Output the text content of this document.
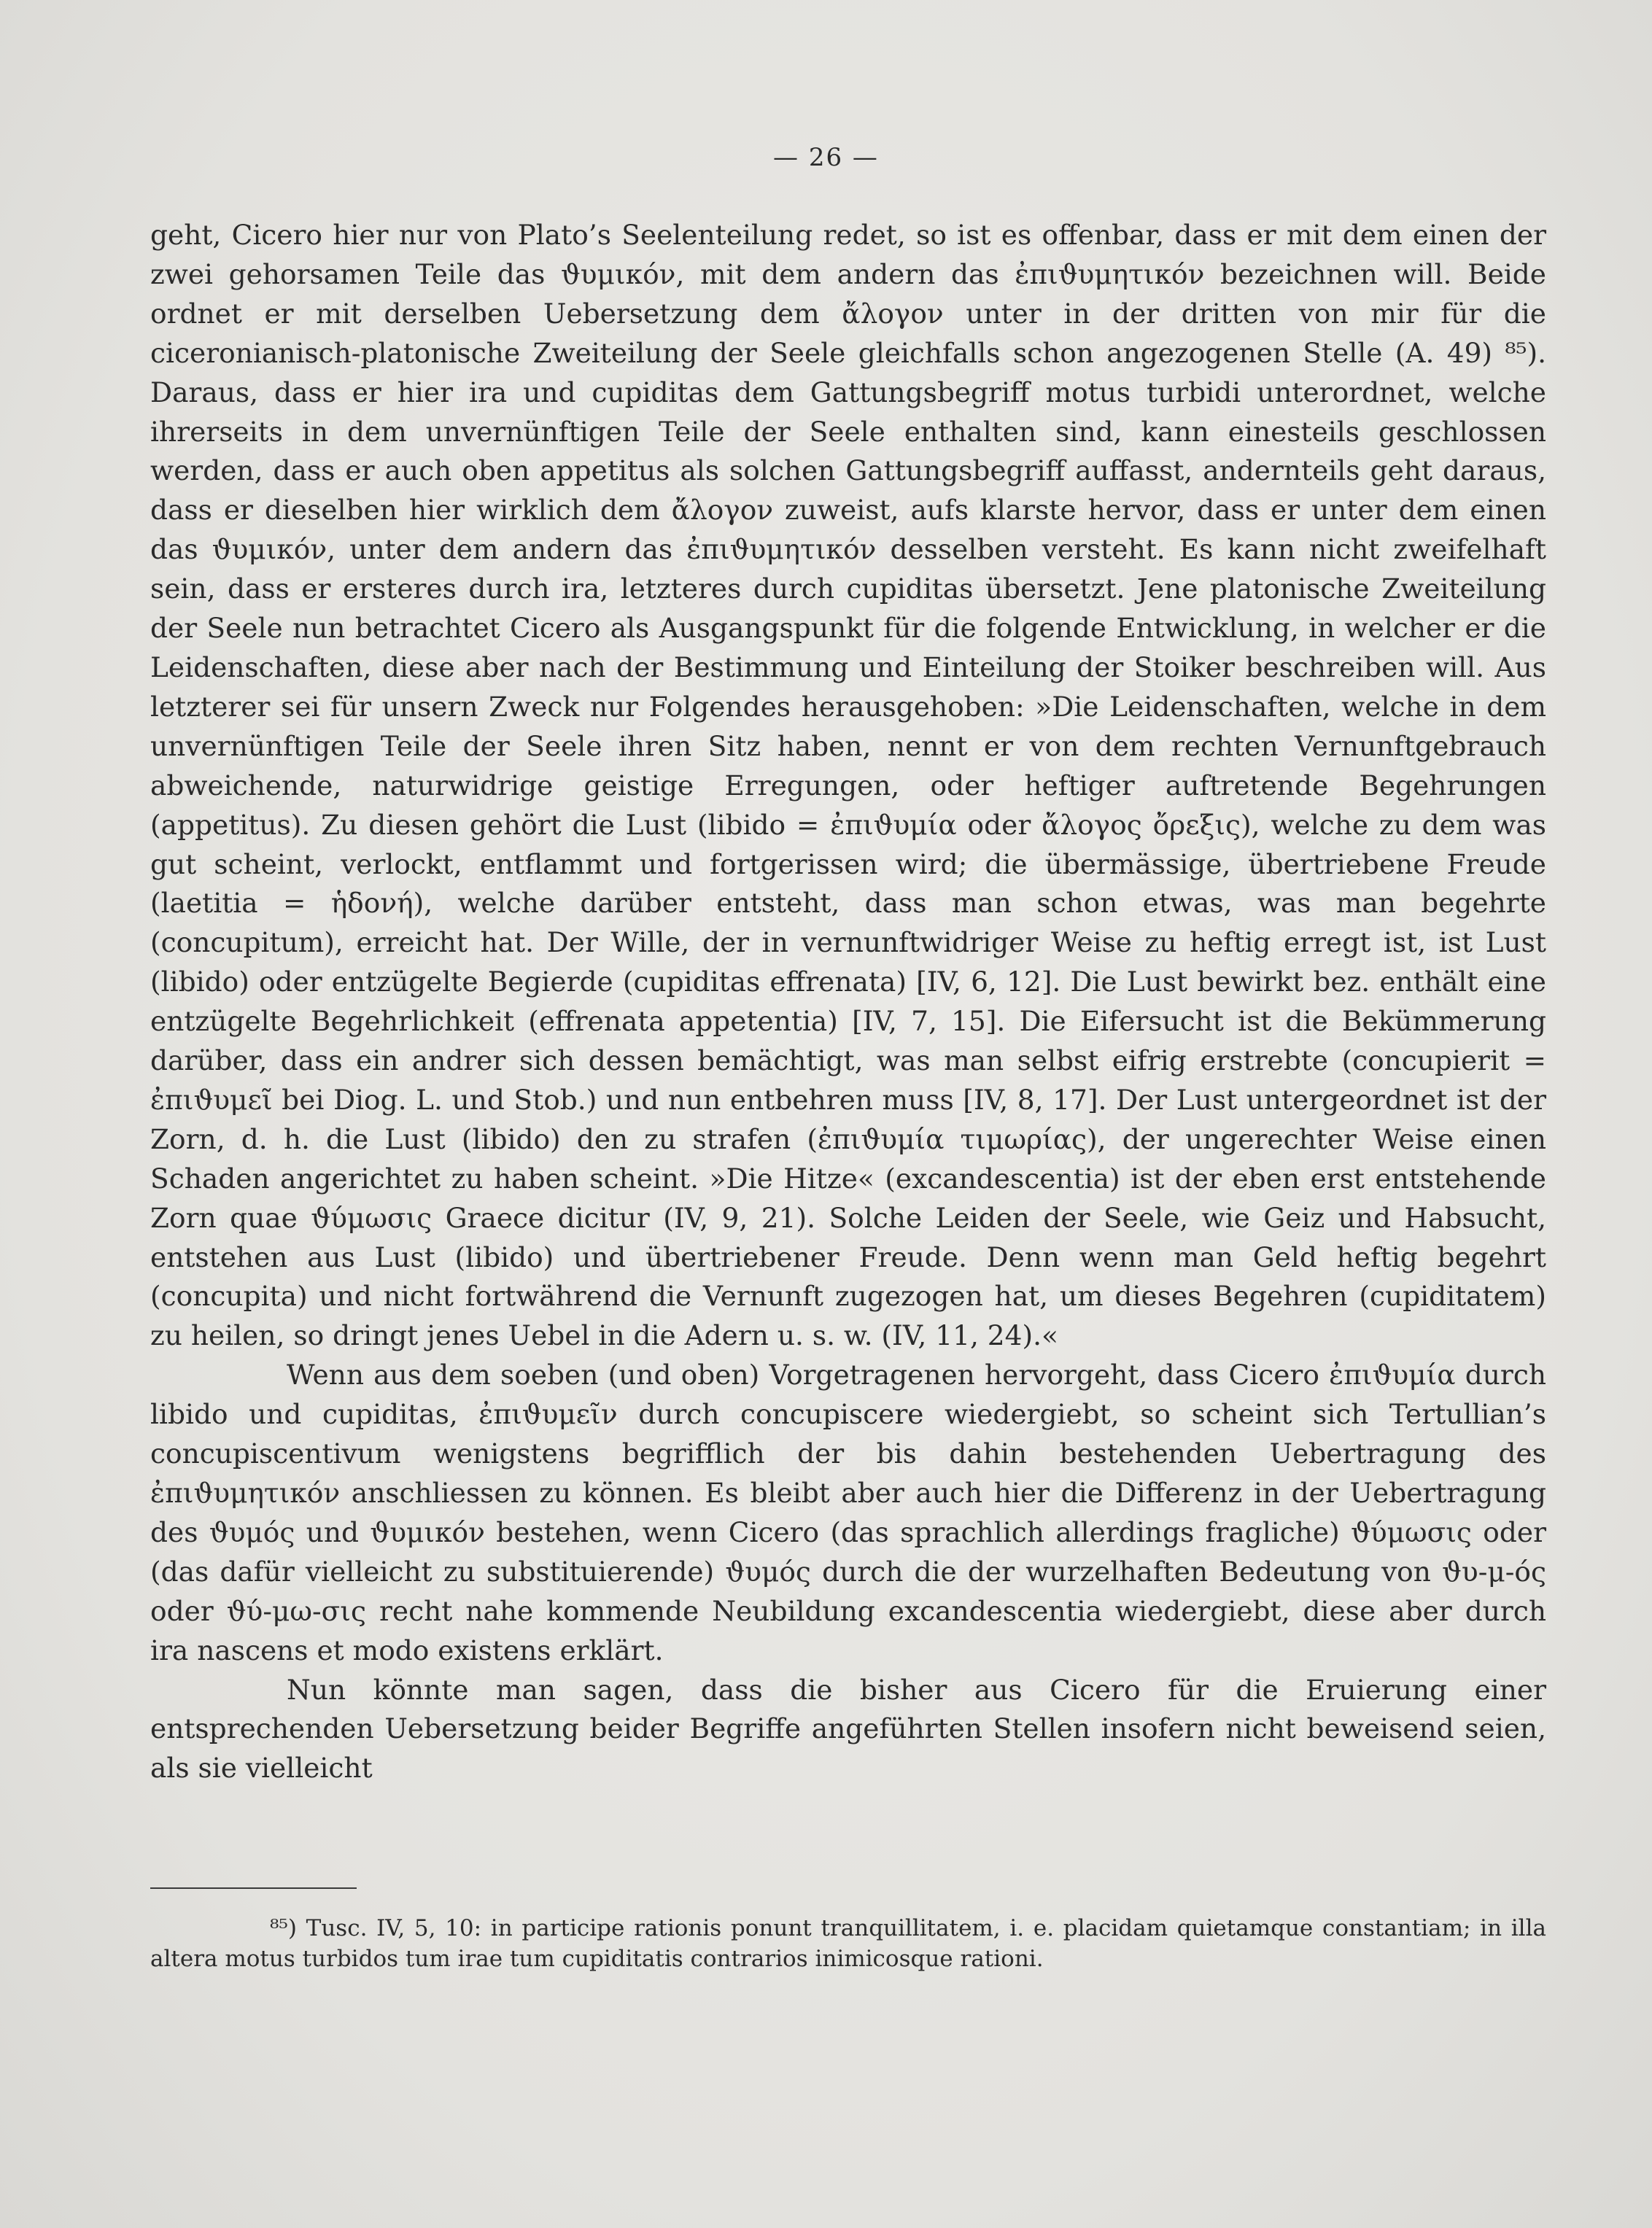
— 26 —

geht, Cicero hier nur von Plato’s Seelenteilung redet, so ist es offenbar, dass er mit dem einen der zwei gehorsamen Teile das ϑυμικόν, mit dem andern das ἐπιϑυμητικόν bezeichnen will. Beide ordnet er mit derselben Uebersetzung dem ἄλογον unter in der dritten von mir für die ciceronianisch-platonische Zweiteilung der Seele gleichfalls schon angezogenen Stelle (A. 49) ⁸⁵). Daraus, dass er hier ira und cupiditas dem Gattungsbegriff motus turbidi unterordnet, welche ihrerseits in dem unvernünftigen Teile der Seele enthalten sind, kann einesteils geschlossen werden, dass er auch oben appetitus als solchen Gattungsbegriff auffasst, andernteils geht daraus, dass er dieselben hier wirklich dem ἄλογον zuweist, aufs klarste hervor, dass er unter dem einen das ϑυμικόν, unter dem andern das ἐπιϑυμητικόν desselben versteht. Es kann nicht zweifelhaft sein, dass er ersteres durch ira, letzteres durch cupiditas übersetzt. Jene platonische Zweiteilung der Seele nun betrachtet Cicero als Ausgangspunkt für die folgende Entwicklung, in welcher er die Leidenschaften, diese aber nach der Bestimmung und Einteilung der Stoiker beschreiben will. Aus letzterer sei für unsern Zweck nur Folgendes herausgehoben: »Die Leidenschaften, welche in dem unvernünftigen Teile der Seele ihren Sitz haben, nennt er von dem rechten Vernunftgebrauch abweichende, naturwidrige geistige Erregungen, oder heftiger auftretende Begehrungen (appetitus). Zu diesen gehört die Lust (libido = ἐπιϑυμία oder ἄλογος ὄρεξις), welche zu dem was gut scheint, verlockt, entflammt und fortgerissen wird; die übermässige, übertriebene Freude (laetitia = ἡδονή), welche darüber entsteht, dass man schon etwas, was man begehrte (concupitum), erreicht hat. Der Wille, der in vernunftwidriger Weise zu heftig erregt ist, ist Lust (libido) oder entzügelte Begierde (cupiditas effrenata) [IV, 6, 12]. Die Lust bewirkt bez. enthält eine entzügelte Begehrlichkeit (effrenata appetentia) [IV, 7, 15]. Die Eifersucht ist die Bekümmerung darüber, dass ein andrer sich dessen bemächtigt, was man selbst eifrig erstrebte (concupierit = ἐπιϑυμεῖ bei Diog. L. und Stob.) und nun entbehren muss [IV, 8, 17]. Der Lust untergeordnet ist der Zorn, d. h. die Lust (libido) den zu strafen (ἐπιϑυμία τιμωρίας), der ungerechter Weise einen Schaden angerichtet zu haben scheint. »Die Hitze« (excandescentia) ist der eben erst entstehende Zorn quae ϑύμωσις Graece dicitur (IV, 9, 21). Solche Leiden der Seele, wie Geiz und Habsucht, entstehen aus Lust (libido) und übertriebener Freude. Denn wenn man Geld heftig begehrt (concupita) und nicht fortwährend die Vernunft zugezogen hat, um dieses Begehren (cupiditatem) zu heilen, so dringt jenes Uebel in die Adern u. s. w. (IV, 11, 24).«

Wenn aus dem soeben (und oben) Vorgetragenen hervorgeht, dass Cicero ἐπιϑυμία durch libido und cupiditas, ἐπιϑυμεῖν durch concupiscere wiedergiebt, so scheint sich Tertullian’s concupiscentivum wenigstens begrifflich der bis dahin bestehenden Uebertragung des ἐπιϑυμητικόν anschliessen zu können. Es bleibt aber auch hier die Differenz in der Uebertragung des ϑυμός und ϑυμικόν bestehen, wenn Cicero (das sprachlich allerdings fragliche) ϑύμωσις oder (das dafür vielleicht zu substituierende) ϑυμός durch die der wurzelhaften Bedeutung von ϑυ-μ-ός oder ϑύ-μω-σις recht nahe kommende Neubildung excandescentia wiedergiebt, diese aber durch ira nascens et modo existens erklärt.

Nun könnte man sagen, dass die bisher aus Cicero für die Eruierung einer entsprechenden Uebersetzung beider Begriffe angeführten Stellen insofern nicht beweisend seien, als sie vielleicht

⁸⁵) Tusc. IV, 5, 10: in participe rationis ponunt tranquillitatem, i. e. placidam quietamque constantiam; in illa altera motus turbidos tum irae tum cupiditatis contrarios inimicosque rationi.
